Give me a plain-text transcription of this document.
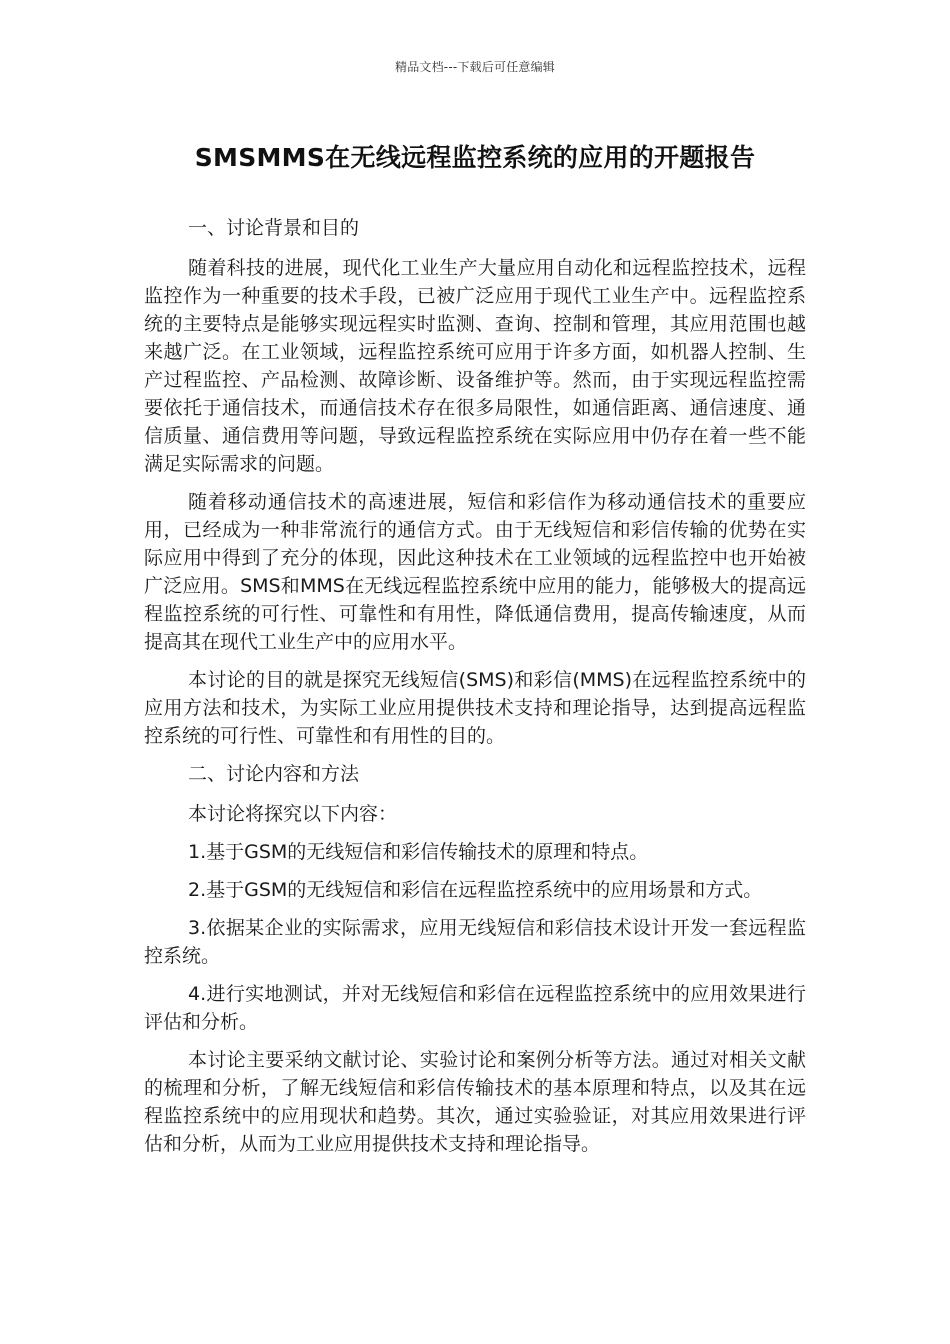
精品文档---下载后可任意编辑
SMSMMS在无线远程监控系统的应用的开题报告

一、讨论背景和目的

随着科技的进展，现代化工业生产大量应用自动化和远程监控技术，远程监控作为一种重要的技术手段，已被广泛应用于现代工业生产中。远程监控系统的主要特点是能够实现远程实时监测、查询、控制和管理，其应用范围也越来越广泛。在工业领域，远程监控系统可应用于许多方面，如机器人控制、生产过程监控、产品检测、故障诊断、设备维护等。然而，由于实现远程监控需要依托于通信技术，而通信技术存在很多局限性，如通信距离、通信速度、通信质量、通信费用等问题，导致远程监控系统在实际应用中仍存在着一些不能满足实际需求的问题。

随着移动通信技术的高速进展，短信和彩信作为移动通信技术的重要应用，已经成为一种非常流行的通信方式。由于无线短信和彩信传输的优势在实际应用中得到了充分的体现，因此这种技术在工业领域的远程监控中也开始被广泛应用。SMS和MMS在无线远程监控系统中应用的能力，能够极大的提高远程监控系统的可行性、可靠性和有用性，降低通信费用，提高传输速度，从而提高其在现代工业生产中的应用水平。

本讨论的目的就是探究无线短信(SMS)和彩信(MMS)在远程监控系统中的应用方法和技术，为实际工业应用提供技术支持和理论指导，达到提高远程监控系统的可行性、可靠性和有用性的目的。

二、讨论内容和方法

本讨论将探究以下内容：

1.基于GSM的无线短信和彩信传输技术的原理和特点。

2.基于GSM的无线短信和彩信在远程监控系统中的应用场景和方式。

3.依据某企业的实际需求，应用无线短信和彩信技术设计开发一套远程监控系统。

4.进行实地测试，并对无线短信和彩信在远程监控系统中的应用效果进行评估和分析。

本讨论主要采纳文献讨论、实验讨论和案例分析等方法。通过对相关文献的梳理和分析，了解无线短信和彩信传输技术的基本原理和特点，以及其在远程监控系统中的应用现状和趋势。其次，通过实验验证，对其应用效果进行评估和分析，从而为工业应用提供技术支持和理论指导。
